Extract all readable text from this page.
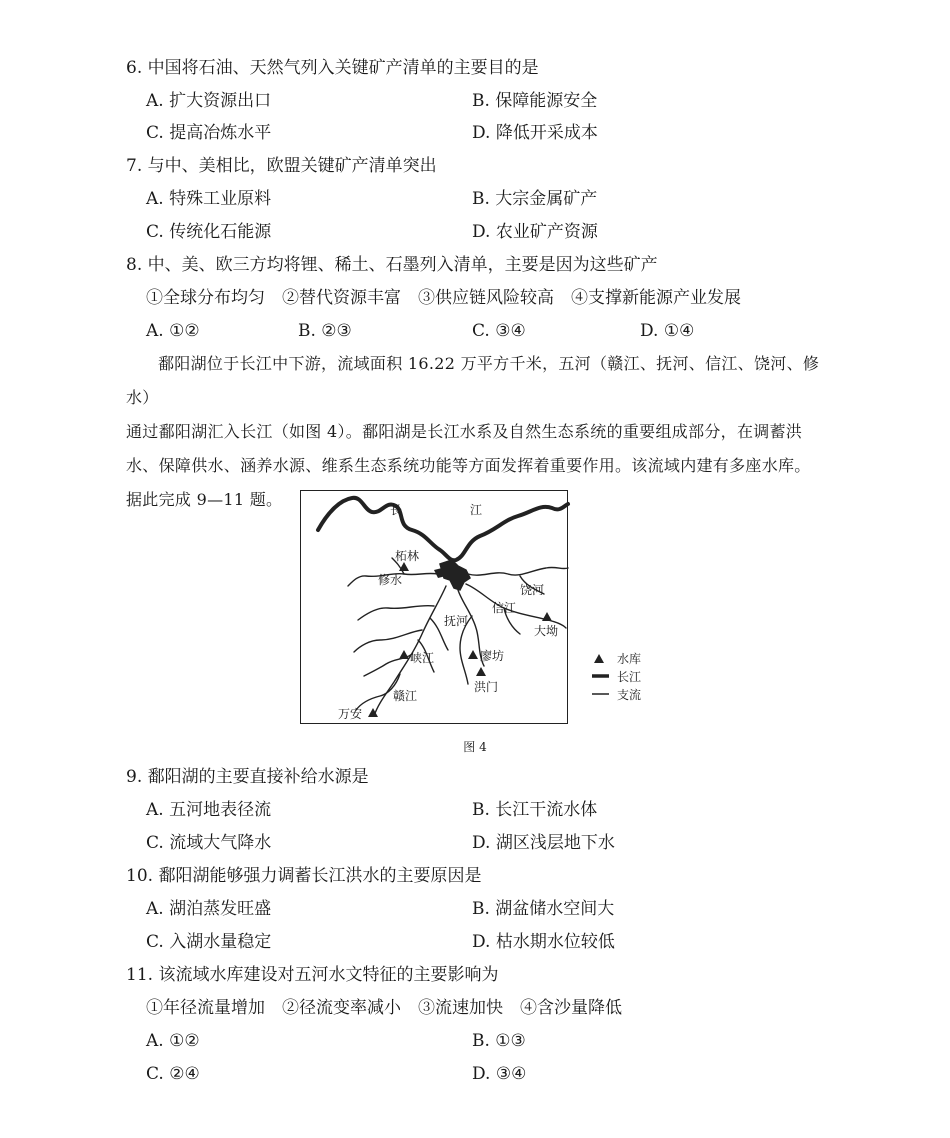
6. 中国将石油、天然气列入关键矿产清单的主要目的是
A. 扩大资源出口	B. 保障能源安全
C. 提高冶炼水平	D. 降低开采成本
7. 与中、美相比，欧盟关键矿产清单突出
A. 特殊工业原料	B. 大宗金属矿产
C. 传统化石能源	D. 农业矿产资源
8. 中、美、欧三方均将锂、稀土、石墨列入清单，主要是因为这些矿产
①全球分布均匀　②替代资源丰富　③供应链风险较高　④支撑新能源产业发展
A. ①②	B. ②③	C. ③④	D. ①④

鄱阳湖位于长江中下游，流域面积 16.22 万平方千米，五河（赣江、抚河、信江、饶河、修水）

通过鄱阳湖汇入长江（如图 4）。鄱阳湖是长江水系及自然生态系统的重要组成部分，在调蓄洪

水、保障供水、涵养水源、维系生态系统功能等方面发挥着重要作用。该流域内建有多座水库。

据此完成 9—11 题。

长	江
柘林
修水
饶河
信江
大坳
抚河
峡江	廖坊
洪门
赣江
万安
水库
长江
支流
图 4
9. 鄱阳湖的主要直接补给水源是
A. 五河地表径流	B. 长江干流水体
C. 流域大气降水	D. 湖区浅层地下水
10. 鄱阳湖能够强力调蓄长江洪水的主要原因是
A. 湖泊蒸发旺盛	B. 湖盆储水空间大
C. 入湖水量稳定	D. 枯水期水位较低
11. 该流域水库建设对五河水文特征的主要影响为
①年径流量增加　②径流变率减小　③流速加快　④含沙量降低
A. ①②	B. ①③
C. ②④	D. ③④
